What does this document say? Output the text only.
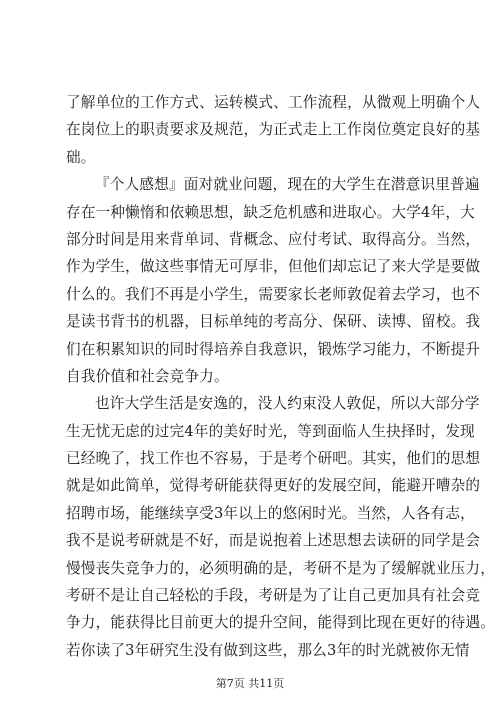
了解单位的工作方式、运转模式、工作流程，从微观上明确个人
在岗位上的职责要求及规范，为正式走上工作岗位奠定良好的基
础。
『个人感想』面对就业问题，现在的大学生在潜意识里普遍
存在一种懒惰和依赖思想，缺乏危机感和进取心。大学4年，大
部分时间是用来背单词、背概念、应付考试、取得高分。当然，
作为学生，做这些事情无可厚非，但他们却忘记了来大学是要做
什么的。我们不再是小学生，需要家长老师敦促着去学习，也不
是读书背书的机器，目标单纯的考高分、保研、读博、留校。我
们在积累知识的同时得培养自我意识，锻炼学习能力，不断提升
自我价值和社会竞争力。
也许大学生活是安逸的，没人约束没人敦促，所以大部分学
生无忧无虑的过完4年的美好时光，等到面临人生抉择时，发现
已经晚了，找工作也不容易，于是考个研吧。其实，他们的思想
就是如此简单，觉得考研能获得更好的发展空间，能避开嘈杂的
招聘市场，能继续享受3年以上的悠闲时光。当然，人各有志，
我不是说考研就是不好，而是说抱着上述思想去读研的同学是会
慢慢丧失竞争力的，必须明确的是，考研不是为了缓解就业压力，
考研不是让自己轻松的手段，考研是为了让自己更加具有社会竞
争力，能获得比目前更大的提升空间，能得到比现在更好的待遇。
若你读了3年研究生没有做到这些，那么3年的时光就被你无情
第7页 共11页
